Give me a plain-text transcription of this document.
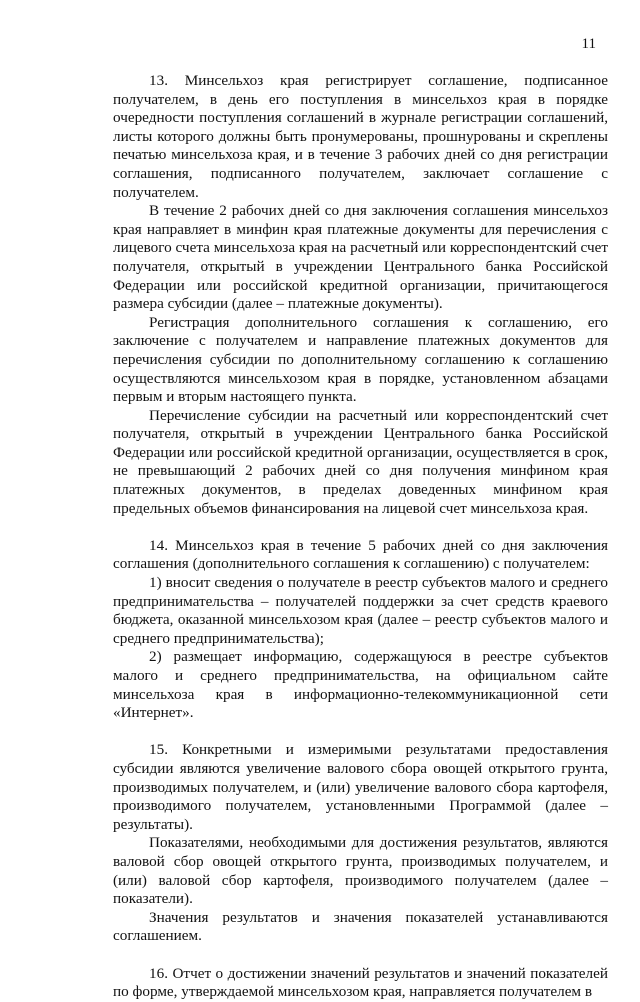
11

13. Минсельхоз края регистрирует соглашение, подписанное получателем, в день его поступления в минсельхоз края в порядке очередности поступления соглашений в журнале регистрации соглашений, листы которого должны быть пронумерованы, прошнурованы и скреплены печатью минсельхоза края, и в течение 3 рабочих дней со дня регистрации соглашения, подписанного получателем, заключает соглашение с получателем.

В течение 2 рабочих дней со дня заключения соглашения минсельхоз края направляет в минфин края платежные документы для перечисления с лицевого счета минсельхоза края на расчетный или корреспондентский счет получателя, открытый в учреждении Центрального банка Российской Федерации или российской кредитной организации, причитающегося размера субсидии (далее – платежные документы).

Регистрация дополнительного соглашения к соглашению, его заключение с получателем и направление платежных документов для перечисления субсидии по дополнительному соглашению к соглашению осуществляются минсельхозом края в порядке, установленном абзацами первым и вторым настоящего пункта.

Перечисление субсидии на расчетный или корреспондентский счет получателя, открытый в учреждении Центрального банка Российской Федерации или российской кредитной организации, осуществляется в срок, не превышающий 2 рабочих дней со дня получения минфином края платежных документов, в пределах доведенных минфином края предельных объемов финансирования на лицевой счет минсельхоза края.

14. Минсельхоз края в течение 5 рабочих дней со дня заключения соглашения (дополнительного соглашения к соглашению) с получателем:

1) вносит сведения о получателе в реестр субъектов малого и среднего предпринимательства – получателей поддержки за счет средств краевого бюджета, оказанной минсельхозом края (далее – реестр субъектов малого и среднего предпринимательства);

2) размещает информацию, содержащуюся в реестре субъектов малого и среднего предпринимательства, на официальном сайте минсельхоза края в информационно-телекоммуникационной сети «Интернет».

15. Конкретными и измеримыми результатами предоставления субсидии являются увеличение валового сбора овощей открытого грунта, производимых получателем, и (или) увеличение валового сбора картофеля, производимого получателем, установленными Программой (далее – результаты).

Показателями, необходимыми для достижения результатов, являются валовой сбор овощей открытого грунта, производимых получателем, и (или) валовой сбор картофеля, производимого получателем (далее – показатели).

Значения результатов и значения показателей устанавливаются соглашением.

16. Отчет о достижении значений результатов и значений показателей по форме, утверждаемой минсельхозом края, направляется получателем в
